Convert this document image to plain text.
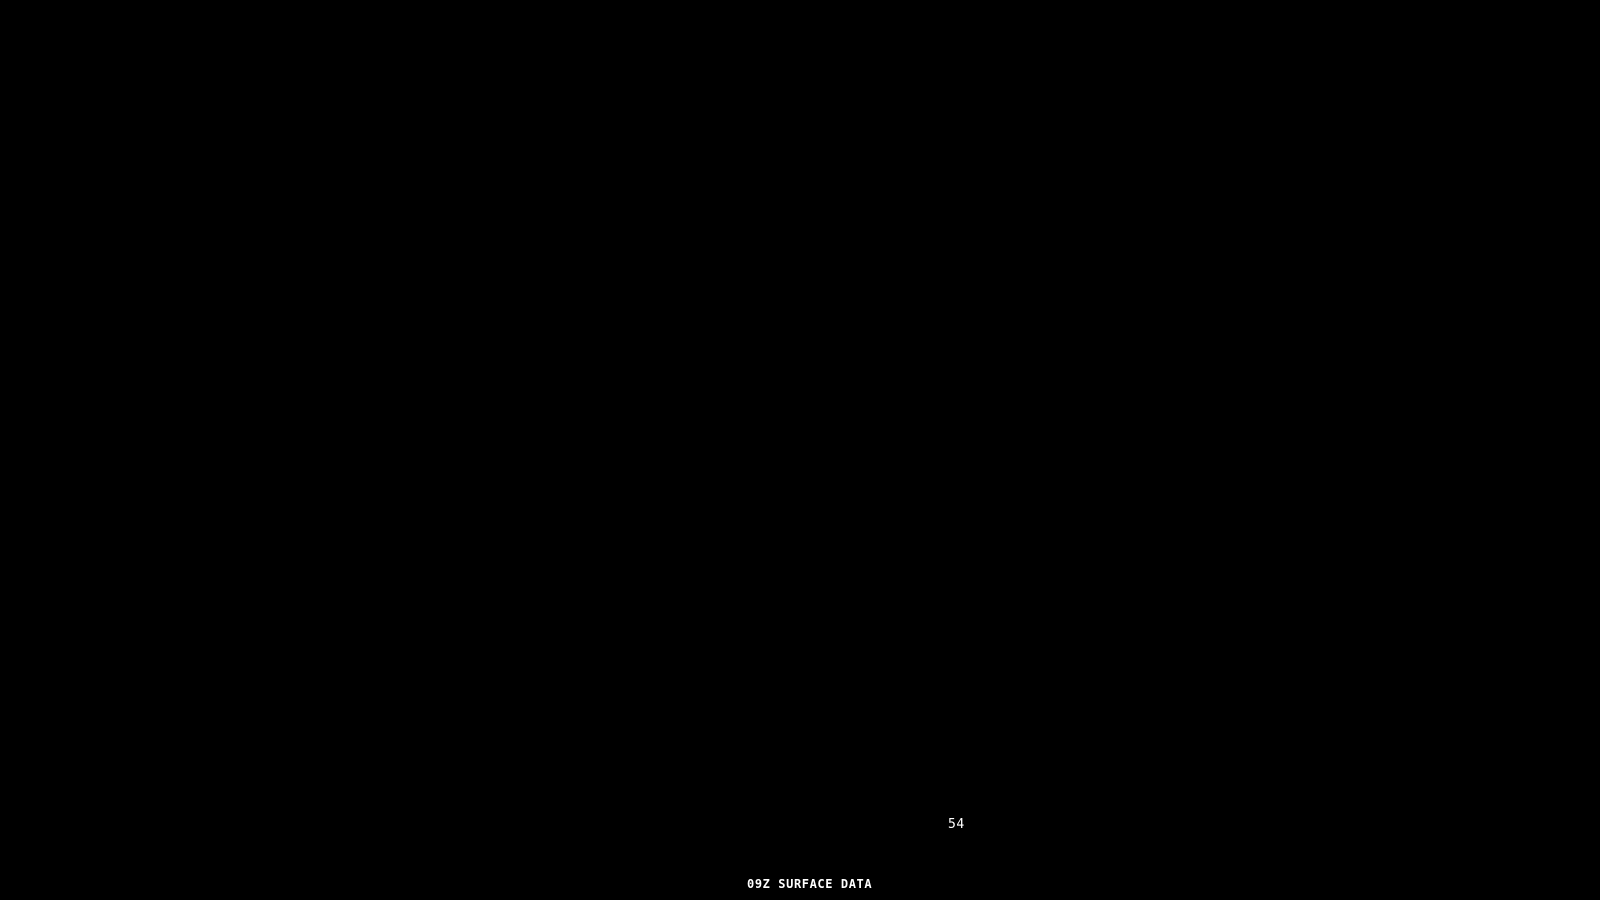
54
09Z SURFACE DATA
